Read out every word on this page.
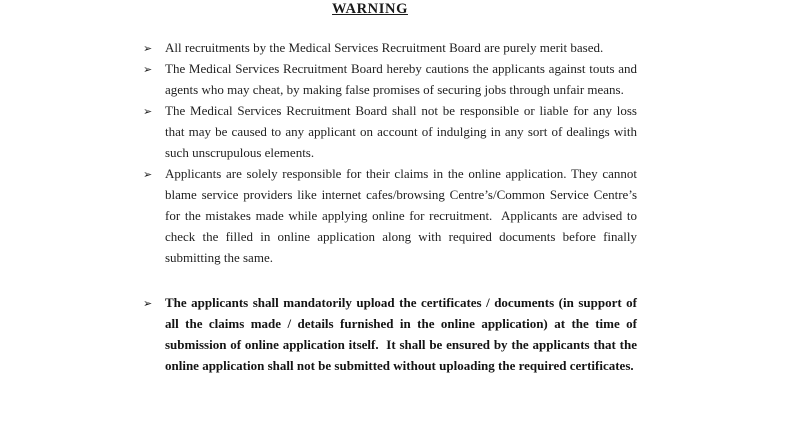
WARNING
➢ All recruitments by the Medical Services Recruitment Board are purely merit based.
➢ The Medical Services Recruitment Board hereby cautions the applicants against touts and agents who may cheat, by making false promises of securing jobs through unfair means.
➢ The Medical Services Recruitment Board shall not be responsible or liable for any loss that may be caused to any applicant on account of indulging in any sort of dealings with such unscrupulous elements.
➢ Applicants are solely responsible for their claims in the online application. They cannot blame service providers like internet cafes/browsing Centre’s/Common Service Centre’s for the mistakes made while applying online for recruitment.  Applicants are advised to check the filled in online application along with required documents before finally submitting the same.
➢ The applicants shall mandatorily upload the certificates / documents (in support of all the claims made / details furnished in the online application) at the time of submission of online application itself.  It shall be ensured by the applicants that the online application shall not be submitted without uploading the required certificates.
